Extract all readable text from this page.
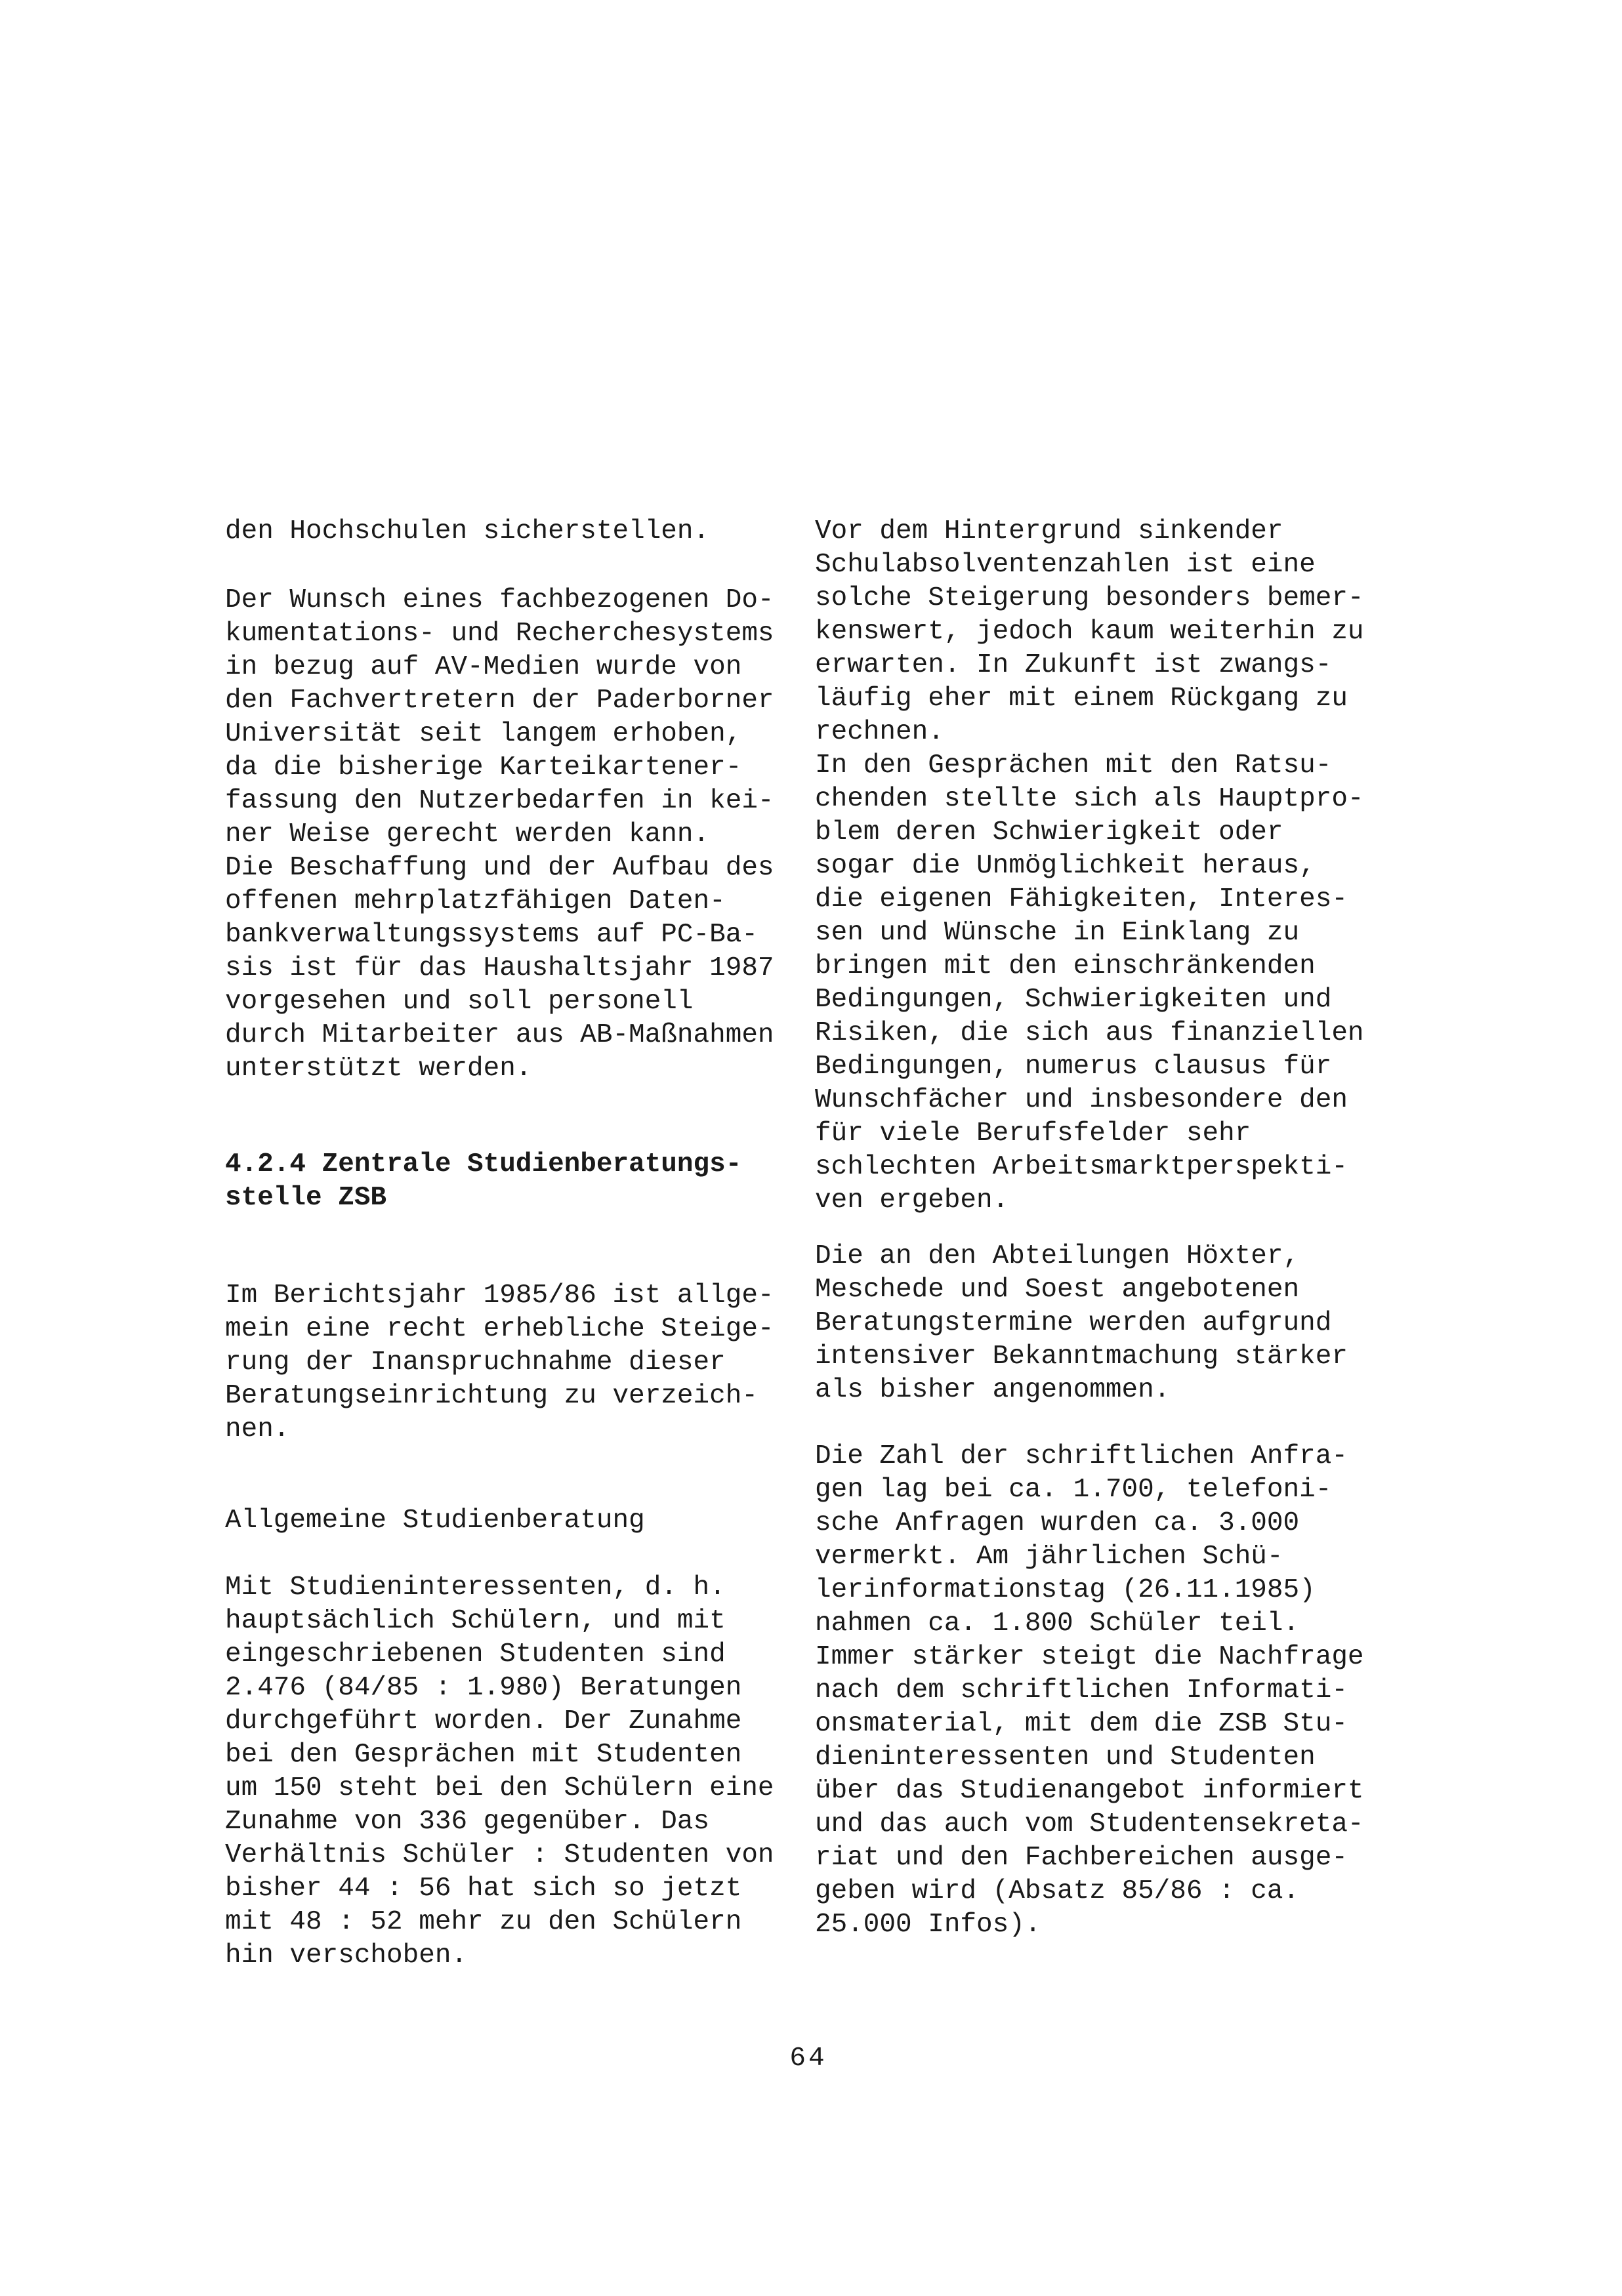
den Hochschulen sicherstellen.
Der Wunsch eines fachbezogenen Do-
kumentations- und Recherchesystems
in bezug auf AV-Medien wurde von
den Fachvertretern der Paderborner
Universität seit langem erhoben,
da die bisherige Karteikartener-
fassung den Nutzerbedarfen in kei-
ner Weise gerecht werden kann.
Die Beschaffung und der Aufbau des
offenen mehrplatzfähigen Daten-
bankverwaltungssystems auf PC-Ba-
sis ist für das Haushaltsjahr 1987
vorgesehen und soll personell
durch Mitarbeiter aus AB-Maßnahmen
unterstützt werden.
4.2.4 Zentrale Studienberatungs-
stelle ZSB
Im Berichtsjahr 1985/86 ist allge-
mein eine recht erhebliche Steige-
rung der Inanspruchnahme dieser
Beratungseinrichtung zu verzeich-
nen.
Allgemeine Studienberatung
Mit Studieninteressenten, d. h.
hauptsächlich Schülern, und mit
eingeschriebenen Studenten sind
2.476 (84/85 : 1.980) Beratungen
durchgeführt worden. Der Zunahme
bei den Gesprächen mit Studenten
um 150 steht bei den Schülern eine
Zunahme von 336 gegenüber. Das
Verhältnis Schüler : Studenten von
bisher 44 : 56 hat sich so jetzt
mit 48 : 52 mehr zu den Schülern
hin verschoben.
Vor dem Hintergrund sinkender
Schulabsolventenzahlen ist eine
solche Steigerung besonders bemer-
kenswert, jedoch kaum weiterhin zu
erwarten. In Zukunft ist zwangs-
läufig eher mit einem Rückgang zu
rechnen.
In den Gesprächen mit den Ratsu-
chenden stellte sich als Hauptpro-
blem deren Schwierigkeit oder
sogar die Unmöglichkeit heraus,
die eigenen Fähigkeiten, Interes-
sen und Wünsche in Einklang zu
bringen mit den einschränkenden
Bedingungen, Schwierigkeiten und
Risiken, die sich aus finanziellen
Bedingungen, numerus clausus für
Wunschfächer und insbesondere den
für viele Berufsfelder sehr
schlechten Arbeitsmarktperspekti-
ven ergeben.
Die an den Abteilungen Höxter,
Meschede und Soest angebotenen
Beratungstermine werden aufgrund
intensiver Bekanntmachung stärker
als bisher angenommen.
Die Zahl der schriftlichen Anfra-
gen lag bei ca. 1.700, telefoni-
sche Anfragen wurden ca. 3.000
vermerkt. Am jährlichen Schü-
lerinformationstag (26.11.1985)
nahmen ca. 1.800 Schüler teil.
Immer stärker steigt die Nachfrage
nach dem schriftlichen Informati-
onsmaterial, mit dem die ZSB Stu-
dieninteressenten und Studenten
über das Studienangebot informiert
und das auch vom Studentensekreta-
riat und den Fachbereichen ausge-
geben wird (Absatz 85/86 : ca.
25.000 Infos).
64
